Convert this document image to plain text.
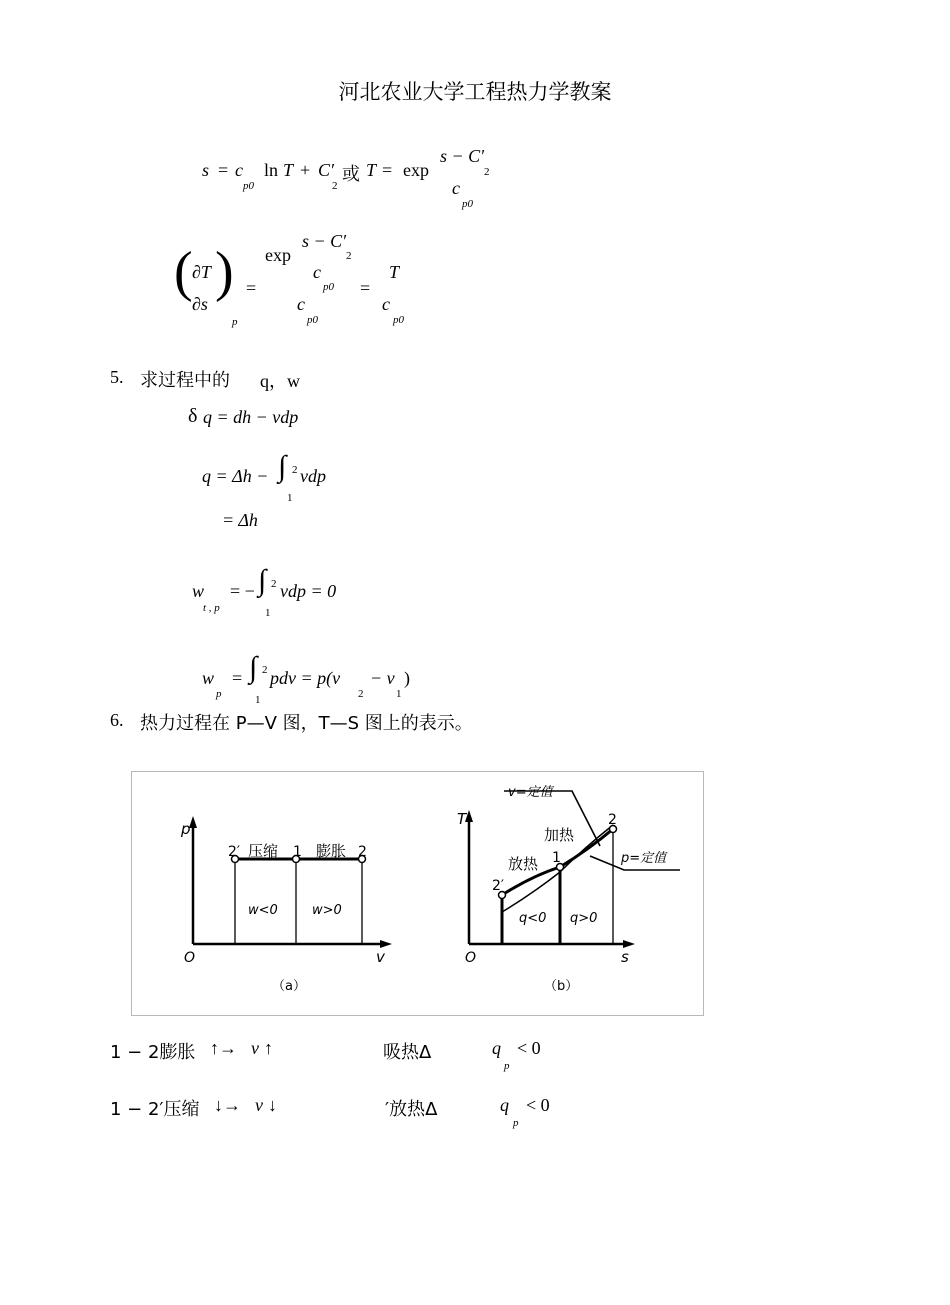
河北农业大学工程热力学教案
s = c
p0
ln T + C′
2
或 T = exp
s − C′
2
c
p0
( ∂T
∂s
)
p
=
exp
s − C′
2
c
p0
c
p0
=
T
c
p0
5. 求过程中的 q，w
δ q = dh − vdp
q = Δh − ∫ 2
1
vdp
= Δh
w
t , p
= − ∫ 2
1
vdp = 0
w
p
= ∫ 2
1
pdv = p(v
2
− v
1
)
6. 热力过程在 P—V 图，T—S 图上的表示。
p
v
O
2′	1	2
压缩	膨胀
w<0	w>0
（a）
T
s
O
v=定值
p=定值
加热
放热
2′
1
2
q<0 q>0
（b）
1 − 2膨胀 ↑→ v ↑	吸热Δ	q
p
< 0
1 − 2′压缩 ↓→ v ↓	′放热Δ	q
p
< 0
